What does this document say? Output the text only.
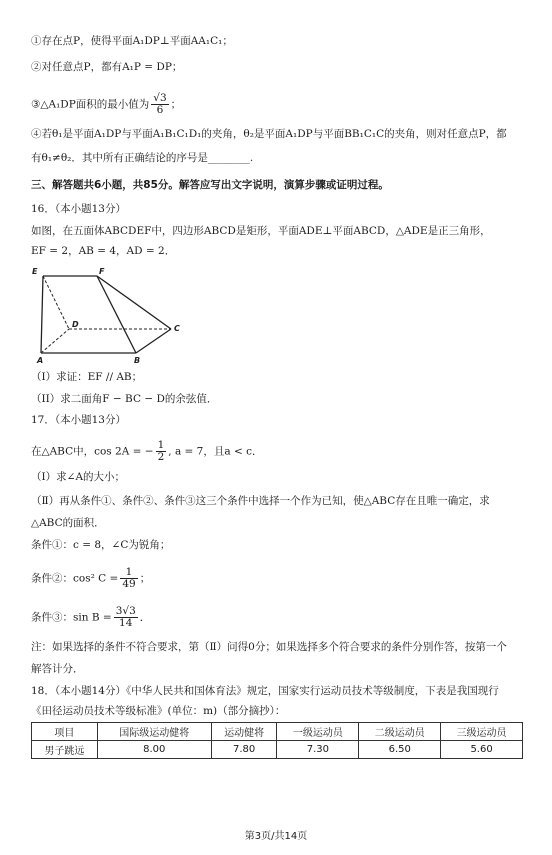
①存在点P，使得平面A₁DP⊥平面AA₁C₁；
②对任意点P，都有A₁P = DP；
③△A₁DP面积的最小值为 $\frac{√3}{6}$ ；
④若θ₁是平面A₁DP与平面A₁B₁C₁D₁的夹角，θ₂是平面A₁DP与平面BB₁C₁C的夹角，则对任意点P，都
有θ₁≠θ₂．其中所有正确结论的序号是________.
三、解答题共6小题，共85分。解答应写出文字说明，演算步骤或证明过程。
16．（本小题13分）
如图，在五面体ABCDEF中，四边形ABCD是矩形，平面ADE⊥平面ABCD，△ADE是正三角形，
EF = 2，AB = 4，AD = 2．
E	F
A	B
C
D
（I）求证：EF // AB；
（II）求二面角F − BC − D的余弦值．
17．（本小题13分）
在△ABC中，cos 2A = − $\frac{1}{2}$ , a = 7，且a < c．
（I）求∠A的大小；
（Ⅱ）再从条件①、条件②、条件③这三个条件中选择一个作为已知，使△ABC存在且唯一确定，求
△ABC的面积．
条件①：c = 8，∠C为锐角；
条件②：cos² $C = \frac{1}{49}$ ；
条件③：$\sin B = \frac{3√3}{14}$ ．
注：如果选择的条件不符合要求，第（Ⅱ）问得0分；如果选择多个符合要求的条件分别作答，按第一个
解答计分．
18．（本小题14分）《中华人民共和国体育法》规定，国家实行运动员技术等级制度，下表是我国现行
《田径运动员技术等级标准》(单位：m)（部分摘抄）：
项目	国际级运动健将	运动健将	一级运动员	二级运动员	三级运动员
男子跳远	8.00	7.80	7.30	6.50	5.60
第3页/共14页
